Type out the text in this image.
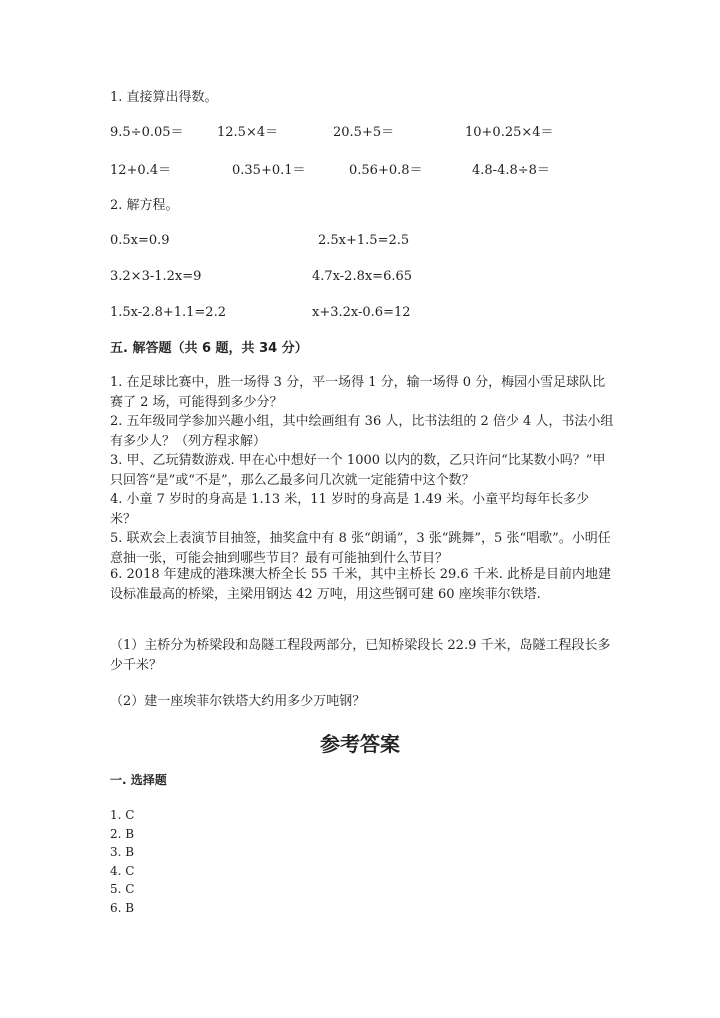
1. 直接算出得数。
9.5÷0.05＝	12.5×4＝	20.5+5＝	10+0.25×4＝
12+0.4＝	0.35+0.1＝	0.56+0.8＝	4.8-4.8÷8＝
2. 解方程。
0.5x=0.9	2.5x+1.5=2.5
3.2×3-1.2x=9	4.7x-2.8x=6.65
1.5x-2.8+1.1=2.2	x+3.2x-0.6=12
五. 解答题（共 6 题，共 34 分）
1. 在足球比赛中，胜一场得 3 分，平一场得 1 分，输一场得 0 分，梅园小雪足球队比赛了 2 场，可能得到多少分？
2. 五年级同学参加兴趣小组，其中绘画组有 36 人，比书法组的 2 倍少 4 人，书法小组有多少人？（列方程求解）
3. 甲、乙玩猜数游戏. 甲在心中想好一个 1000 以内的数，乙只许问“比某数小吗？”甲只回答“是”或“不是”，那么乙最多问几次就一定能猜中这个数？
4. 小童 7 岁时的身高是 1.13 米，11 岁时的身高是 1.49 米。小童平均每年长多少米？
5. 联欢会上表演节目抽签，抽奖盒中有 8 张“朗诵”，3 张“跳舞”，5 张“唱歌”。小明任意抽一张，可能会抽到哪些节目？最有可能抽到什么节目？
6. 2018 年建成的港珠澳大桥全长 55 千米，其中主桥长 29.6 千米. 此桥是目前内地建设标准最高的桥梁，主梁用钢达 42 万吨，用这些钢可建 60 座埃菲尔铁塔.
（1）主桥分为桥梁段和岛隧工程段两部分，已知桥梁段长 22.9 千米，岛隧工程段长多少千米？
（2）建一座埃菲尔铁塔大约用多少万吨钢？
参考答案
一. 选择题
1. C
2. B
3. B
4. C
5. C
6. B
